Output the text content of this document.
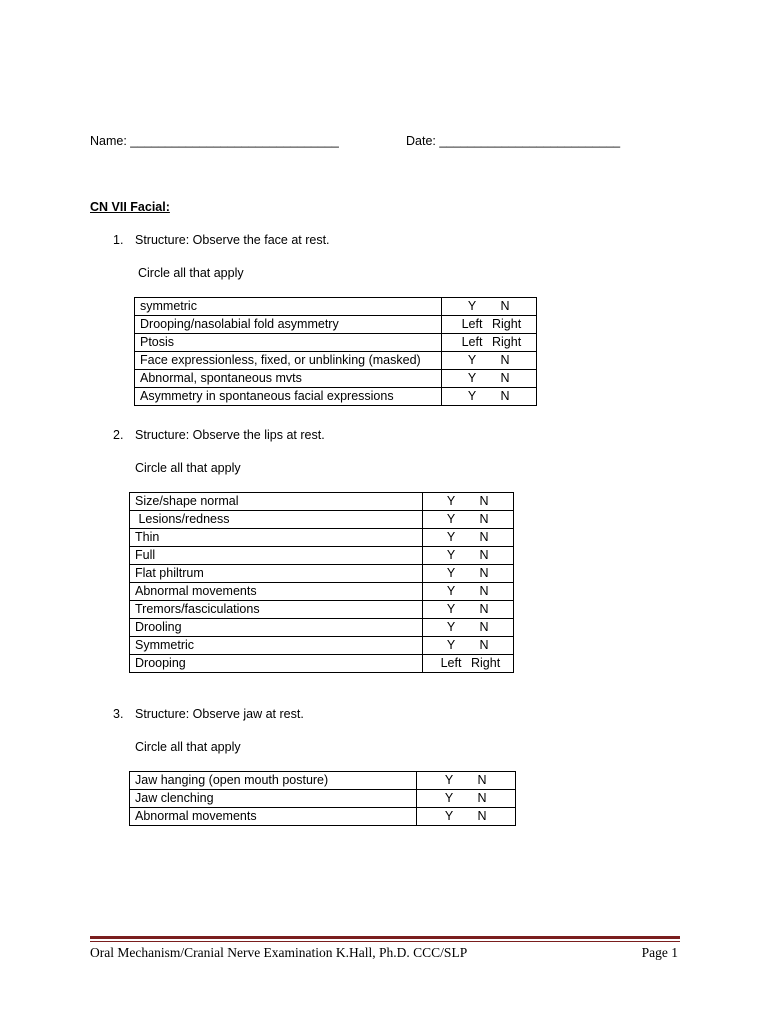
Name: ______________________________	Date: __________________________
CN VII Facial:
1. Structure: Observe the face at rest.
Circle all that apply
symmetric	Y N
Drooping/nasolabial fold asymmetry	Left Right
Ptosis	Left Right
Face expressionless, fixed, or unblinking (masked)	Y N
Abnormal, spontaneous mvts	Y N
Asymmetry in spontaneous facial expressions	Y N
2. Structure: Observe the lips at rest.
Circle all that apply
Size/shape normal	Y N
Lesions/redness	Y N
Thin	Y N
Full	Y N
Flat philtrum	Y N
Abnormal movements	Y N
Tremors/fasciculations	Y N
Drooling	Y N
Symmetric	Y N
Drooping	Left Right
3. Structure: Observe jaw at rest.
Circle all that apply
Jaw hanging (open mouth posture)	Y N
Jaw clenching	Y N
Abnormal movements	Y N
Oral Mechanism/Cranial Nerve Examination K.Hall, Ph.D. CCC/SLP	Page 1
